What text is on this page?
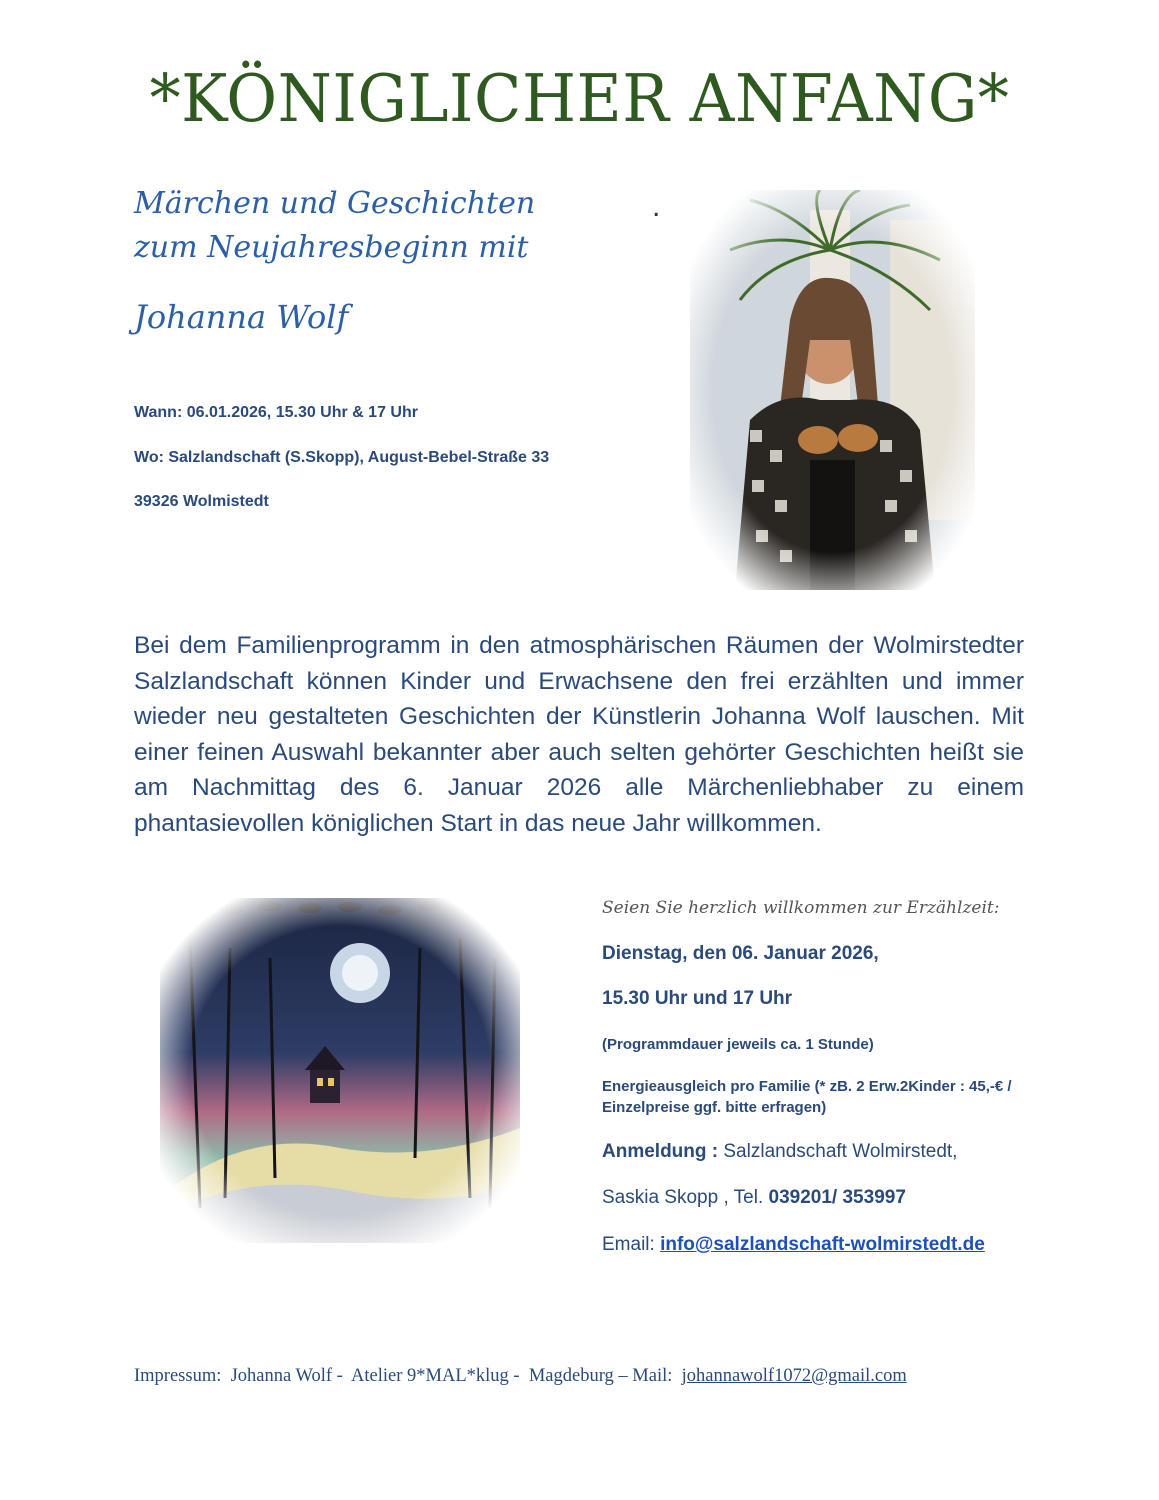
*KÖNIGLICHER ANFANG*
Märchen und Geschichten	.
zum Neujahresbeginn mit
Johanna Wolf
Wann: 06.01.2026, 15.30 Uhr & 17 Uhr
Wo: Salzlandschaft (S.Skopp), August-Bebel-Straße 33
39326 Wolmistedt
Bei dem Familienprogramm in den atmosphärischen Räumen der Wolmirstedter Salzlandschaft können Kinder und Erwachsene den frei erzählten und immer wieder neu gestalteten Geschichten der Künstlerin Johanna Wolf lauschen. Mit einer feinen Auswahl bekannter aber auch selten gehörter Geschichten heißt sie am Nachmittag des 6. Januar 2026 alle Märchenliebhaber zu einem phantasievollen königlichen Start in das neue Jahr willkommen.
Seien Sie herzlich willkommen zur Erzählzeit:
Dienstag, den 06. Januar 2026,
15.30 Uhr und 17 Uhr
(Programmdauer jeweils ca. 1 Stunde)
Energieausgleich pro Familie (* zB. 2 Erw.2Kinder : 45,-€ / Einzelpreise ggf. bitte erfragen)
Anmeldung : Salzlandschaft Wolmirstedt,
Saskia Skopp , Tel. 039201/ 353997
Email: info@salzlandschaft-wolmirstedt.de
Impressum:  Johanna Wolf -  Atelier 9*MAL*klug -  Magdeburg – Mail:  johannawolf1072@gmail.com
